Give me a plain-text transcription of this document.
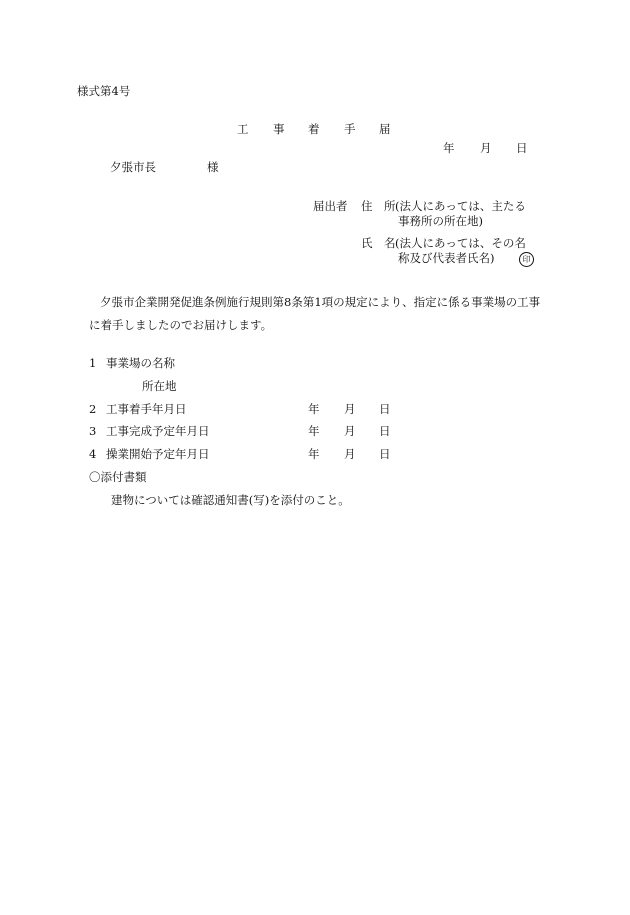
様式第4号
工 事 着 手 届
年 月 日
夕張市長	様
届出者 住　所 (法人にあっては、主たる
事務所の所在地)
氏　名 (法人にあっては、その名
称及び代表者氏名)	印
夕張市企業開発促進条例施行規則第8条第1項の規定により、指定に係る事業場の工事
に着手しましたのでお届けします。
1 事業場の名称
所在地
2 工事着手年月日	年 月 日
3 工事完成予定年月日	年 月 日
4 操業開始予定年月日	年 月 日
〇添付書類
建物については確認通知書(写)を添付のこと。
